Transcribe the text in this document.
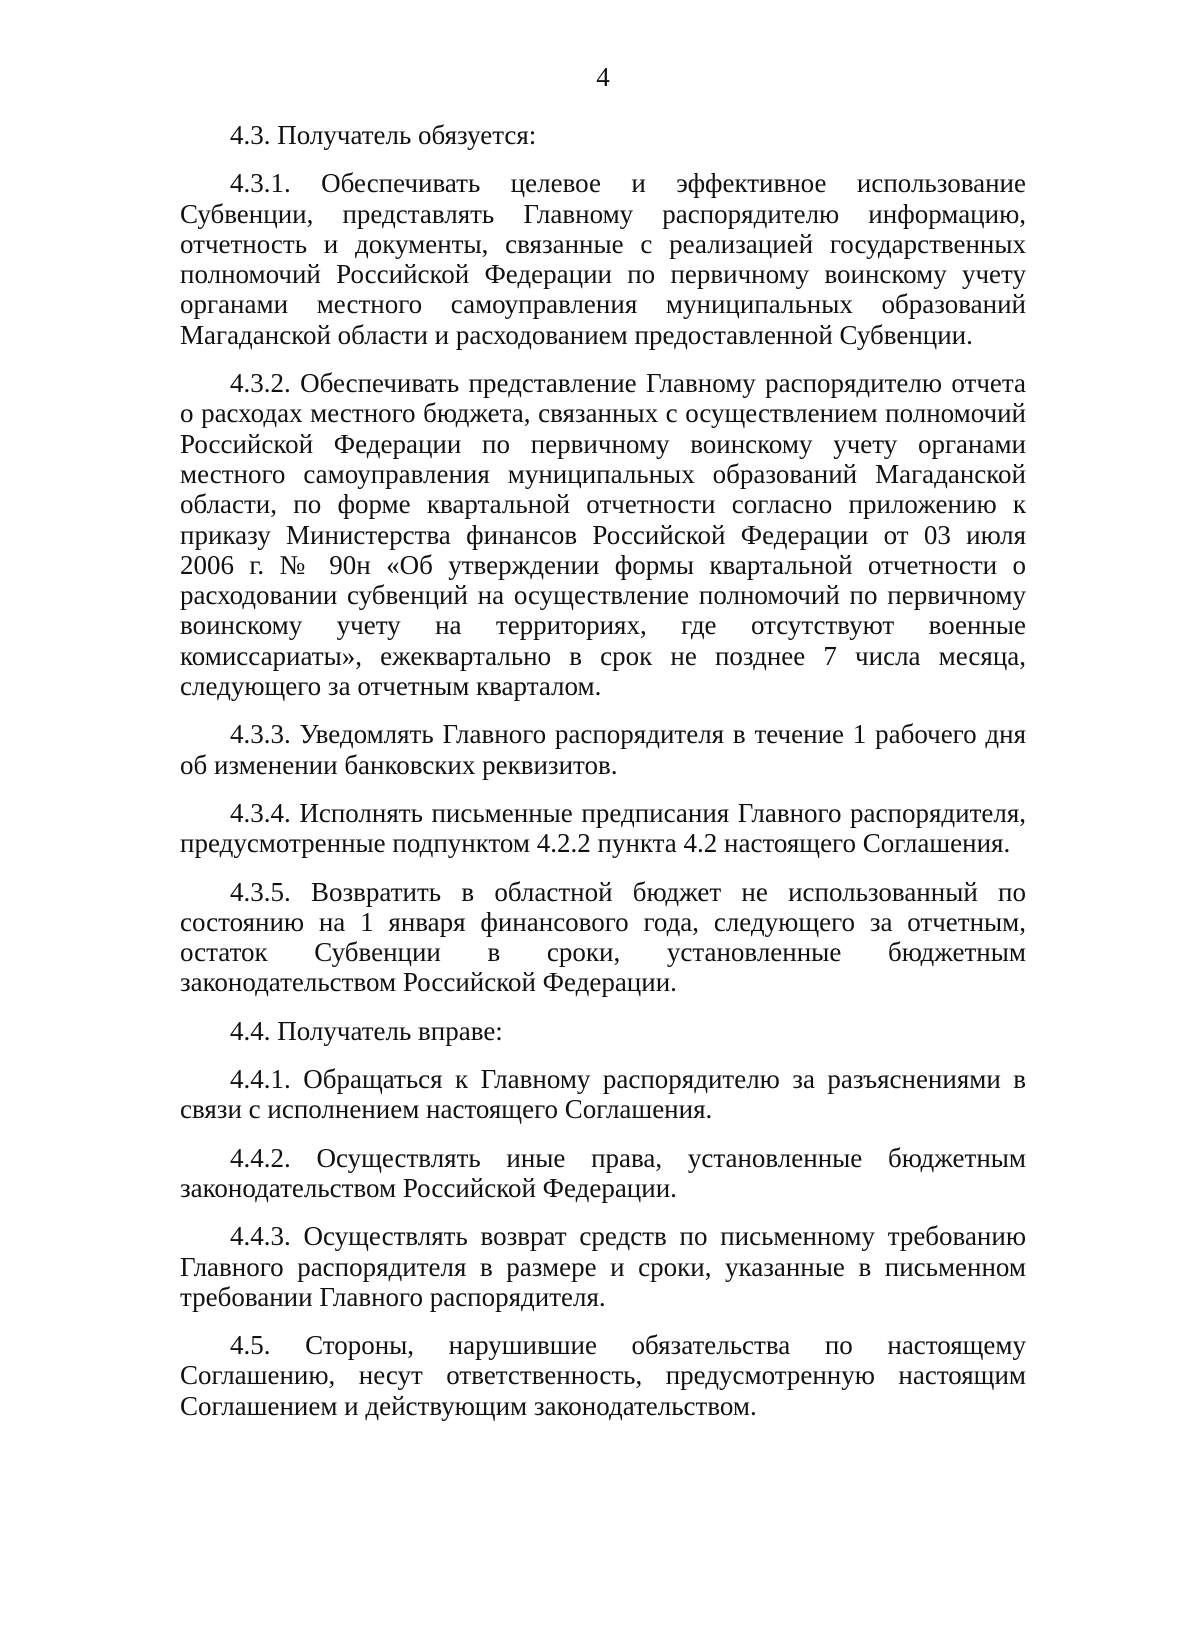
4

4.3. Получатель обязуется:

4.3.1. Обеспечивать целевое и эффективное использование Субвенции, представлять Главному распорядителю информацию, отчетность и документы, связанные с реализацией государственных полномочий Российской Федерации по первичному воинскому учету органами местного самоуправления муниципальных образований Магаданской области и расходованием предоставленной Субвенции.

4.3.2. Обеспечивать представление Главному распорядителю отчета о расходах местного бюджета, связанных с осуществлением полномочий Российской Федерации по первичному воинскому учету органами местного самоуправления муниципальных образований Магаданской области, по форме квартальной отчетности согласно приложению к приказу Министерства финансов Российской Федерации от 03 июля 2006 г. № 90н «Об утверждении формы квартальной отчетности о расходовании субвенций на осуществление полномочий по первичному воинскому учету на территориях, где отсутствуют военные комиссариаты», ежеквартально в срок не позднее 7 числа месяца, следующего за отчетным кварталом.

4.3.3. Уведомлять Главного распорядителя в течение 1 рабочего дня об изменении банковских реквизитов.

4.3.4. Исполнять письменные предписания Главного распорядителя, предусмотренные подпунктом 4.2.2 пункта 4.2 настоящего Соглашения.

4.3.5. Возвратить в областной бюджет не использованный по состоянию на 1 января финансового года, следующего за отчетным, остаток Субвенции в сроки, установленные бюджетным законодательством Российской Федерации.

4.4. Получатель вправе:

4.4.1. Обращаться к Главному распорядителю за разъяснениями в связи с исполнением настоящего Соглашения.

4.4.2. Осуществлять иные права, установленные бюджетным законодательством Российской Федерации.

4.4.3. Осуществлять возврат средств по письменному требованию Главного распорядителя в размере и сроки, указанные в письменном требовании Главного распорядителя.

4.5. Стороны, нарушившие обязательства по настоящему Соглашению, несут ответственность, предусмотренную настоящим Соглашением и действующим законодательством.
